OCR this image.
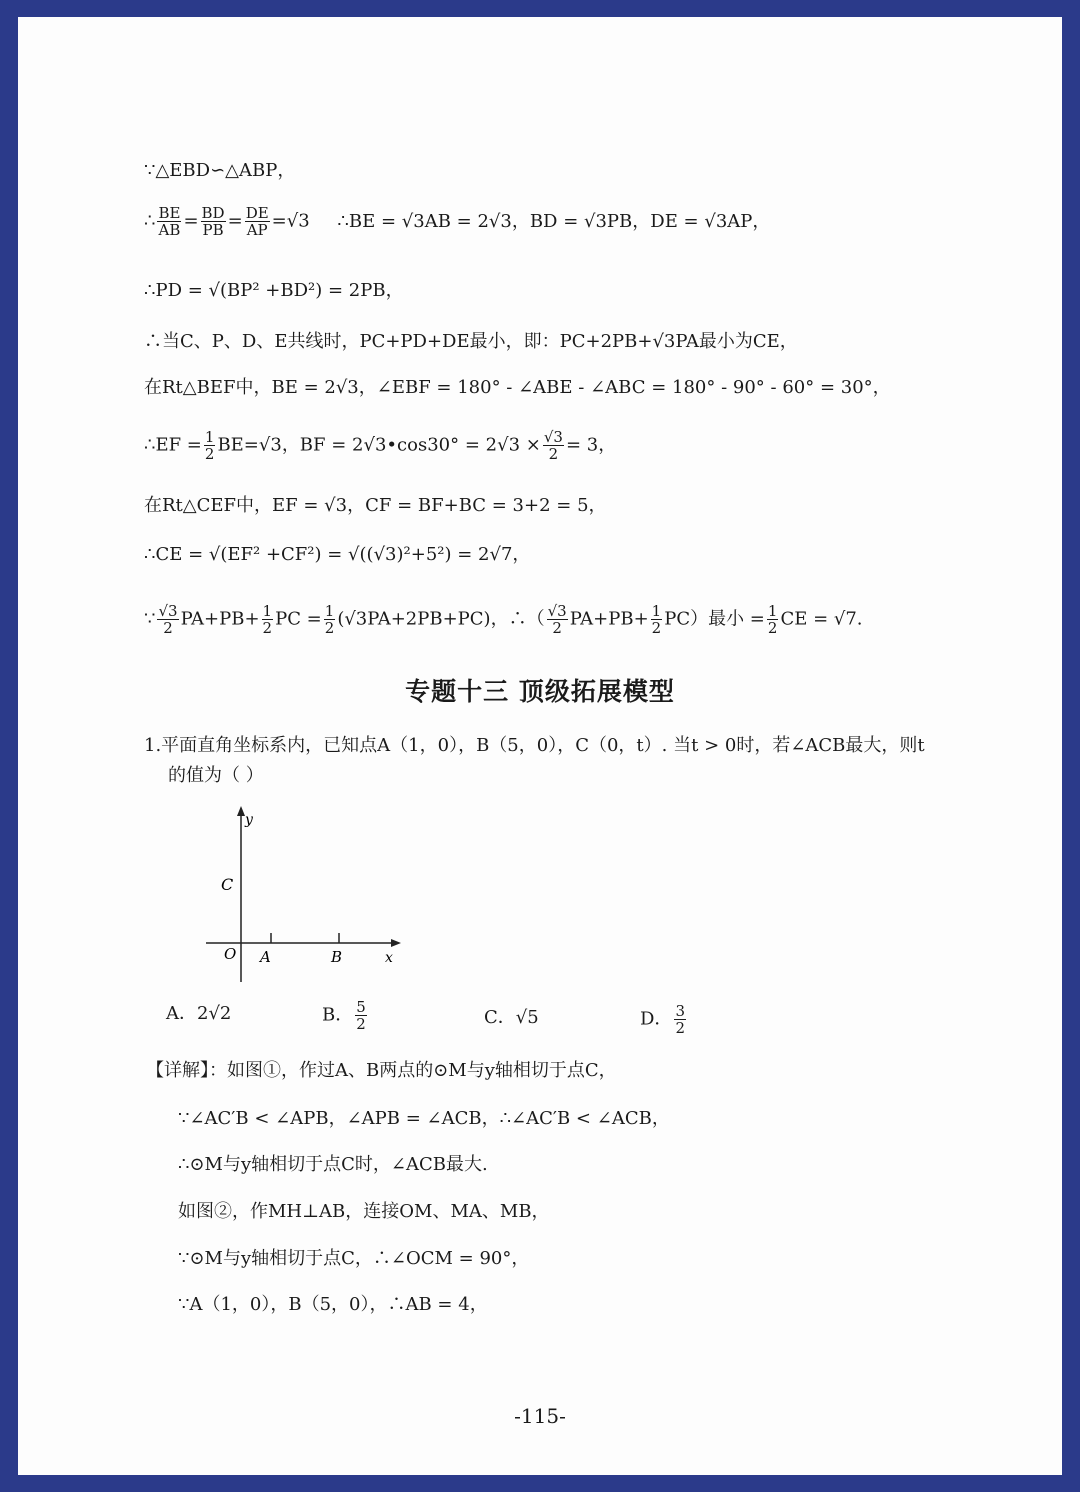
∵△EBD∽△ABP，
∴ $\frac{BE}{AB} = \frac{BD}{PB} = \frac{DE}{AP} =√3$ ∴BE = √3AB = 2√3，BD = √3PB，DE = √3AP，
∴PD = √(BP² +BD²) = 2PB，
∴当C、P、D、E共线时，PC+PD+DE最小，即：PC+2PB+√3PA最小为CE，
在Rt△BEF中，BE = 2√3，∠EBF = 180° - ∠ABE - ∠ABC = 180° - 90° - 60° = 30°，
∴EF = $\frac{1}{2} BE=√3$，BF = 2√3•cos30° = $2√3 \times \frac{√3}{2} = 3$，
在Rt△CEF中，EF = √3，CF = BF+BC = 3+2 = 5，
∴CE = √(EF² +CF²) = √((√3)²+5²) = 2√7，
∵ $\frac{√3}{2} PA+PB+ \frac{1}{2}$ PC = $\frac{1}{2} (√3PA+2PB+PC)$，∴（ $\frac{√3}{2} PA+PB+ \frac{1}{2} PC$）最小 = $\frac{1}{2}$ CE = √7.
专题十三 顶级拓展模型
1.平面直角坐标系内，已知点A（1，0），B（5，0），C（0，t）. 当t > 0时，若∠ACB最大，则t
的值为（ ）
y
C
O A	B	x
A．2√2	B． $\frac{5}{2}$	C．√5	D． $\frac{3}{2}$
【详解】：如图①，作过A、B两点的⊙M与y轴相切于点C，
∵∠AC′B < ∠APB，∠APB = ∠ACB，∴∠AC′B < ∠ACB，
∴⊙M与y轴相切于点C时，∠ACB最大.
如图②，作MH⊥AB，连接OM、MA、MB，
∵⊙M与y轴相切于点C，∴∠OCM = 90°，
∵A（1，0），B（5，0），∴AB = 4，
-115-
